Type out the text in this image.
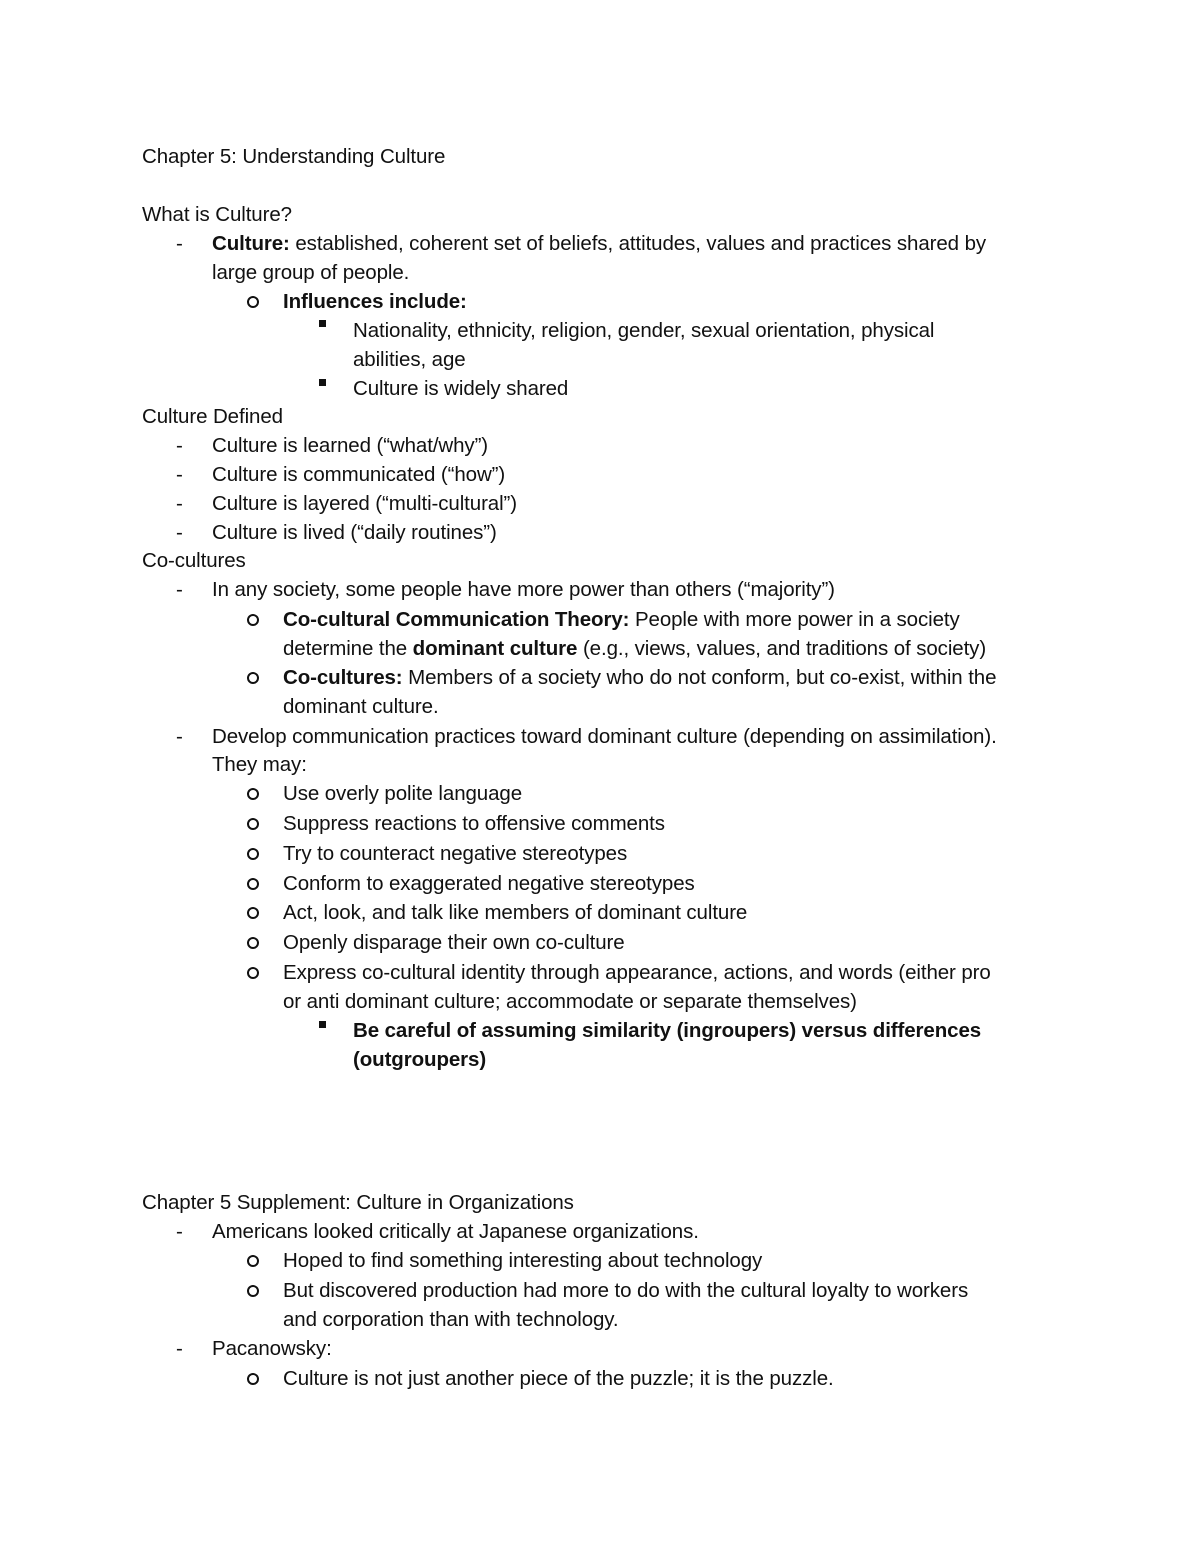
Chapter 5: Understanding Culture
What is Culture?
- Culture: established, coherent set of beliefs, attitudes, values and practices shared by
large group of people.
Influences include:
Nationality, ethnicity, religion, gender, sexual orientation, physical
abilities, age
Culture is widely shared
Culture Defined
- Culture is learned (“what/why”)
- Culture is communicated (“how”)
- Culture is layered (“multi-cultural”)
- Culture is lived (“daily routines”)
Co-cultures
- In any society, some people have more power than others (“majority”)
Co-cultural Communication Theory: People with more power in a society
determine the dominant culture (e.g., views, values, and traditions of society)
Co-cultures: Members of a society who do not conform, but co-exist, within the
dominant culture.
- Develop communication practices toward dominant culture (depending on assimilation).
They may:
Use overly polite language
Suppress reactions to offensive comments
Try to counteract negative stereotypes
Conform to exaggerated negative stereotypes
Act, look, and talk like members of dominant culture
Openly disparage their own co-culture
Express co-cultural identity through appearance, actions, and words (either pro
or anti dominant culture; accommodate or separate themselves)
Be careful of assuming similarity (ingroupers) versus differences
(outgroupers)
Chapter 5 Supplement: Culture in Organizations
- Americans looked critically at Japanese organizations.
Hoped to find something interesting about technology
But discovered production had more to do with the cultural loyalty to workers
and corporation than with technology.
- Pacanowsky:
Culture is not just another piece of the puzzle; it is the puzzle.
